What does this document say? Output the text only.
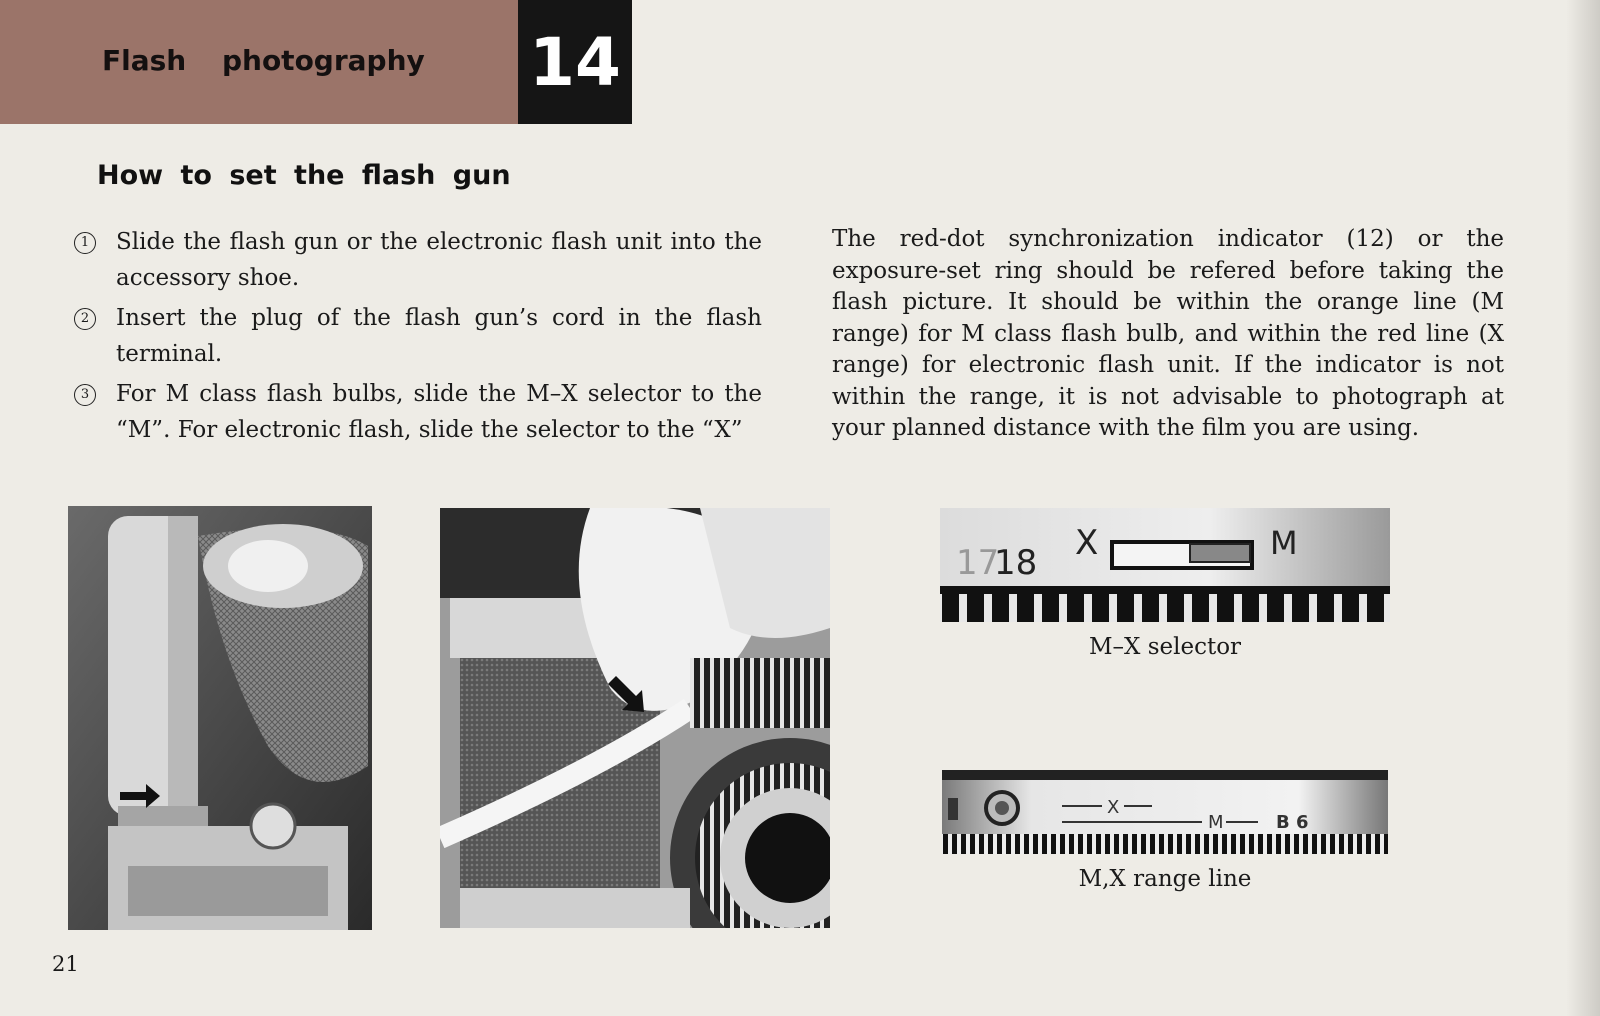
Flash photography 14
How to set the flash gun
1 Slide the flash gun or the electronic flash unit into the accessory shoe.
2 Insert the plug of the flash gun’s cord in the flash terminal.
3 For M class flash bulbs, slide the M–X selector to the “M”. For electronic flash, slide the selector to the “X”
The red-dot synchronization indicator (12) or the exposure-set ring should be refered before taking the flash picture. It should be within the orange line (M range) for M class flash bulb, and within the red line (X range) for electronic flash unit. If the indicator is not within the range, it is not advisable to photograph at your planned distance with the film you are using.
17
18 X	M
M–X selector
X
M	B 6
M,X range line
21
